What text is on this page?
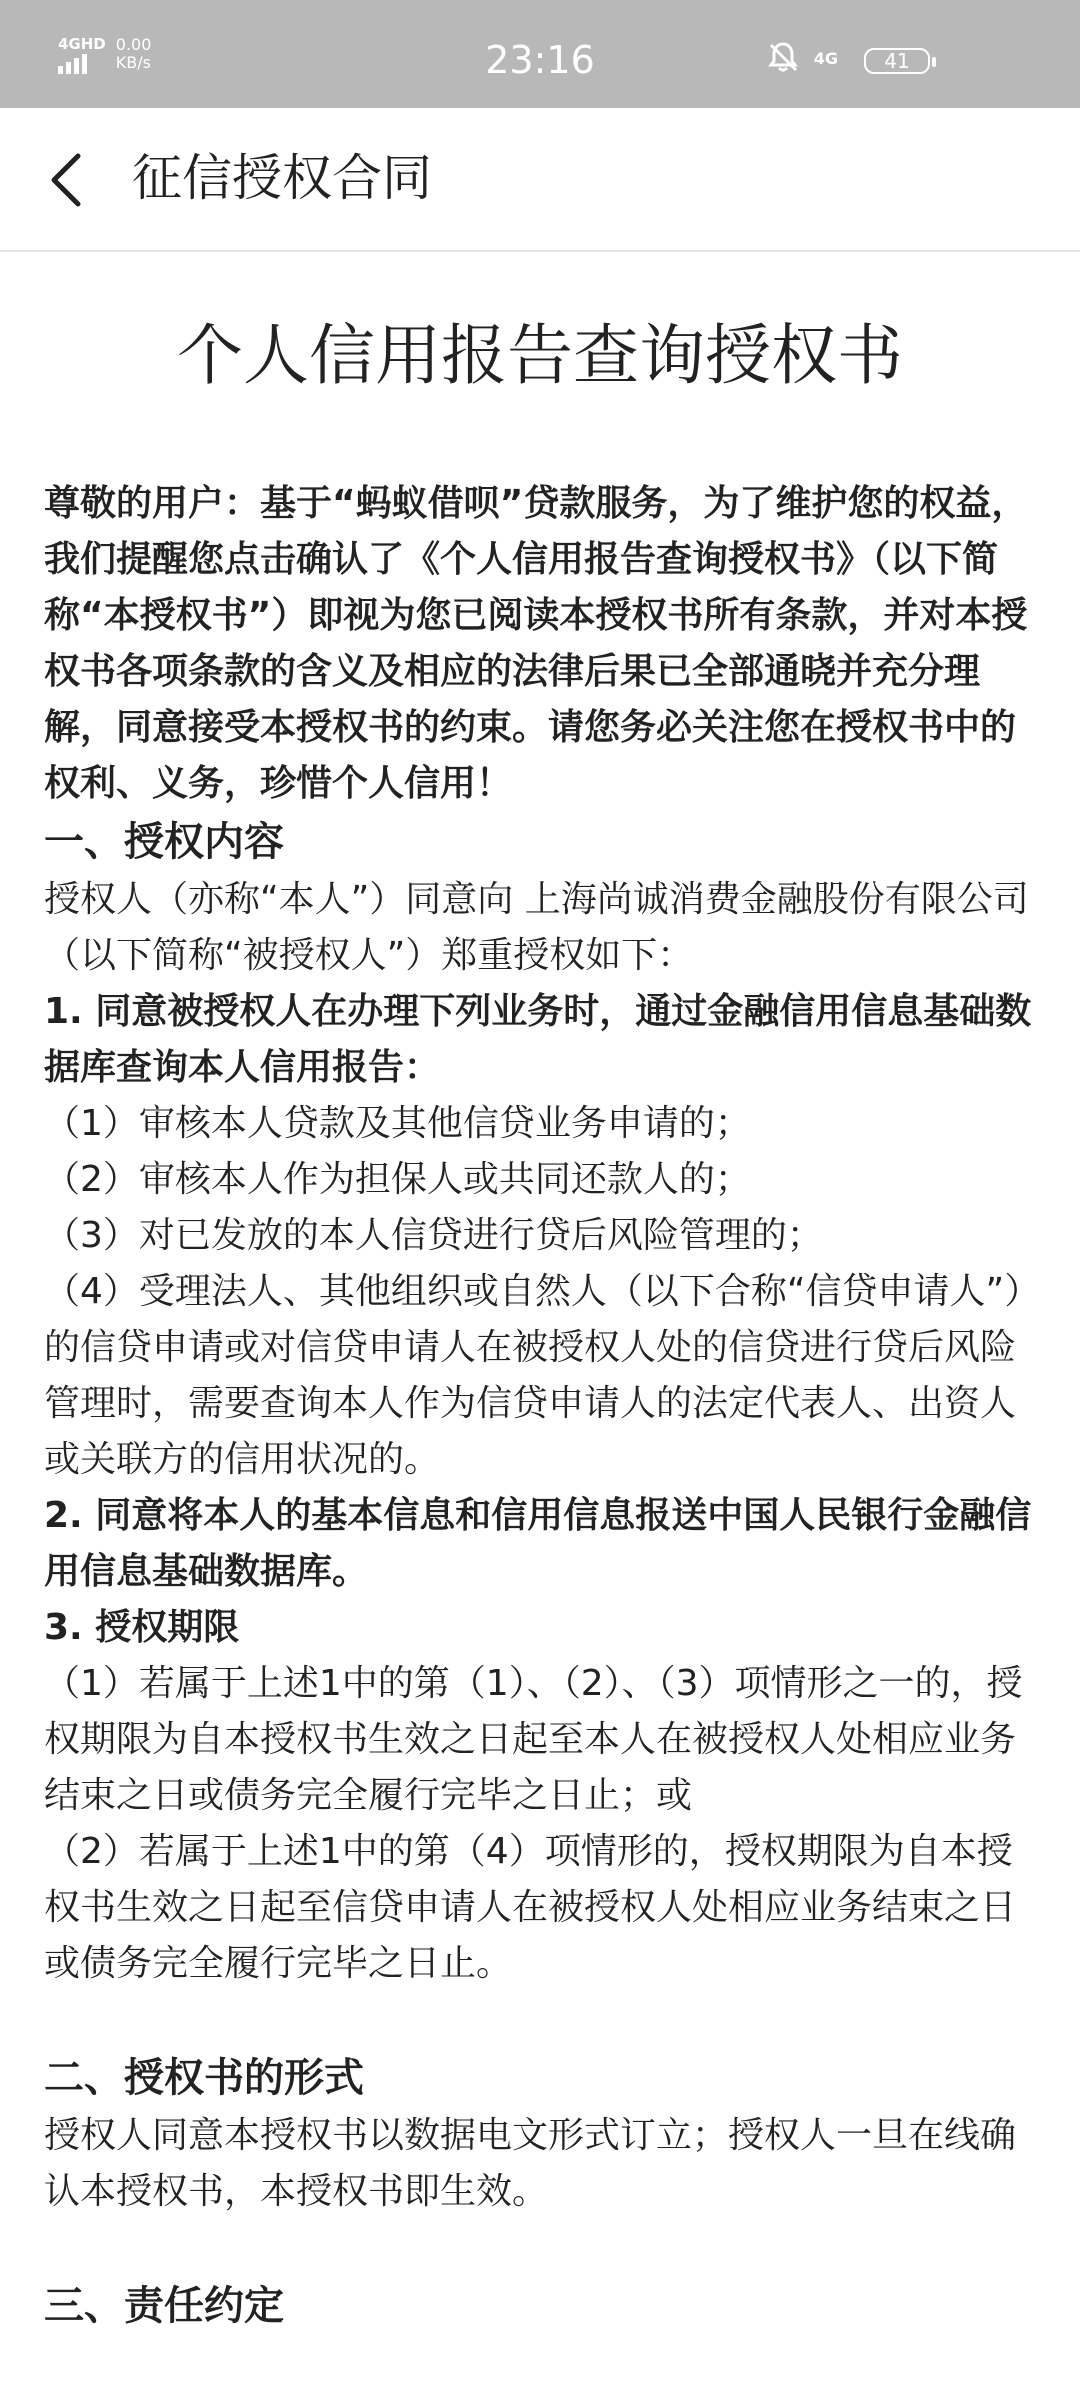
4GHD 0.00
KB/s	23:16	4G	41
征信授权合同
个人信用报告查询授权书

尊敬的用户：基于“蚂蚁借呗”贷款服务，为了维护您的权益，我们提醒您点击确认了《个人信用报告查询授权书》（以下简称“本授权书”）即视为您已阅读本授权书所有条款，并对本授权书各项条款的含义及相应的法律后果已全部通晓并充分理解，同意接受本授权书的约束。请您务必关注您在授权书中的权利、义务，珍惜个人信用！

一、授权内容

授权人（亦称“本人”）同意向 上海尚诚消费金融股份有限公司（以下简称“被授权人”）郑重授权如下：

1. 同意被授权人在办理下列业务时，通过金融信用信息基础数据库查询本人信用报告：

（1）审核本人贷款及其他信贷业务申请的；

（2）审核本人作为担保人或共同还款人的；

（3）对已发放的本人信贷进行贷后风险管理的；

（4）受理法人、其他组织或自然人（以下合称“信贷申请人”）的信贷申请或对信贷申请人在被授权人处的信贷进行贷后风险管理时，需要查询本人作为信贷申请人的法定代表人、出资人或关联方的信用状况的。

2. 同意将本人的基本信息和信用信息报送中国人民银行金融信用信息基础数据库。

3. 授权期限

（1）若属于上述1中的第（1）、（2）、（3）项情形之一的，授权期限为自本授权书生效之日起至本人在被授权人处相应业务结束之日或债务完全履行完毕之日止；或

（2）若属于上述1中的第（4）项情形的，授权期限为自本授权书生效之日起至信贷申请人在被授权人处相应业务结束之日或债务完全履行完毕之日止。

二、授权书的形式

授权人同意本授权书以数据电文形式订立；授权人一旦在线确认本授权书，本授权书即生效。

三、责任约定
